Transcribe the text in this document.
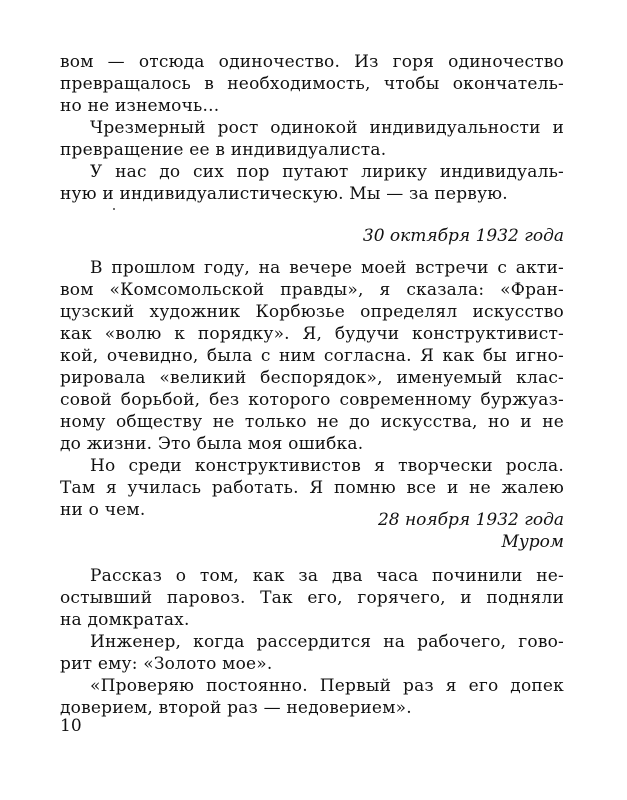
вом — отсюда одиночество. Из горя одиночество
превращалось в необходимость, чтобы окончатель-
но не изнемочь...
Чрезмерный рост одинокой индивидуальности и
превращение ее в индивидуалиста.
У нас до сих пор путают лирику индивидуаль-
ную и индивидуалистическую. Мы — за первую.
30 октября 1932 года
В прошлом году, на вечере моей встречи с акти-
вом «Комсомольской правды», я сказала: «Фран-
цузский художник Корбюзье определял искусство
как «волю к порядку». Я, будучи конструктивист-
кой, очевидно, была с ним согласна. Я как бы игно-
рировала «великий беспорядок», именуемый клас-
совой борьбой, без которого современному буржуаз-
ному обществу не только не до искусства, но и не
до жизни. Это была моя ошибка.
Но среди конструктивистов я творчески росла.
Там я училась работать. Я помню все и не жалею
ни о чем.	28 ноября 1932 года
Муром
Рассказ о том, как за два часа починили не-
остывший паровоз. Так его, горячего, и подняли
на домкратах.
Инженер, когда рассердится на рабочего, гово-
рит ему: «Золото мое».
«Проверяю постоянно. Первый раз я его допек
доверием, второй раз — недоверием».
10
